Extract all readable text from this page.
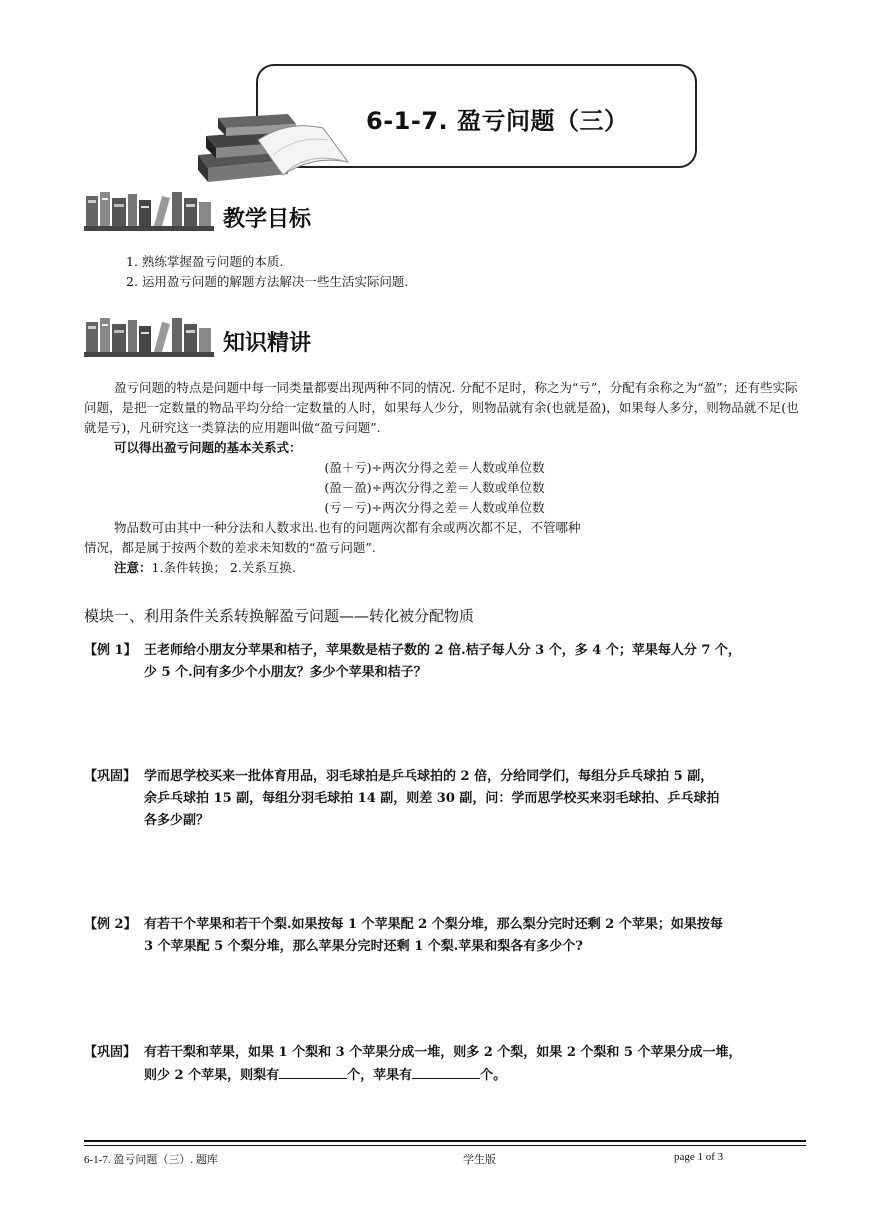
6-1-7. 盈亏问题（三）
教学目标
1. 熟练掌握盈亏问题的本质.
2. 运用盈亏问题的解题方法解决一些生活实际问题.
知识精讲
盈亏问题的特点是问题中每一同类量都要出现两种不同的情况. 分配不足时，称之为“亏”，分配有余称之为“盈”；还有些实际问题，是把一定数量的物品平均分给一定数量的人时，如果每人少分，则物品就有余(也就是盈)，如果每人多分，则物品就不足(也就是亏)，凡研究这一类算法的应用题叫做“盈亏问题”.
可以得出盈亏问题的基本关系式：
(盈＋亏)÷两次分得之差＝人数或单位数
(盈－盈)÷两次分得之差＝人数或单位数
(亏－亏)÷两次分得之差＝人数或单位数
物品数可由其中一种分法和人数求出.也有的问题两次都有余或两次都不足，不管哪种
情况，都是属于按两个数的差求未知数的“盈亏问题”.
注意：1.条件转换； 2.关系互换.
模块一、利用条件关系转换解盈亏问题——转化被分配物质
【例 1】 王老师给小朋友分苹果和桔子，苹果数是桔子数的 2 倍.桔子每人分 3 个，多 4 个；苹果每人分 7 个，
少 5 个.问有多少个小朋友？多少个苹果和桔子？
【巩固】 学而思学校买来一批体育用品，羽毛球拍是乒乓球拍的 2 倍，分给同学们，每组分乒乓球拍 5 副，
余乒乓球拍 15 副，每组分羽毛球拍 14 副，则差 30 副，问：学而思学校买来羽毛球拍、乒乓球拍
各多少副？
【例 2】 有若干个苹果和若干个梨.如果按每 1 个苹果配 2 个梨分堆，那么梨分完时还剩 2 个苹果；如果按每
3 个苹果配 5 个梨分堆，那么苹果分完时还剩 1 个梨.苹果和梨各有多少个?
【巩固】 有若干梨和苹果，如果 1 个梨和 3 个苹果分成一堆，则多 2 个梨，如果 2 个梨和 5 个苹果分成一堆，
则少 2 个苹果，则梨有	个，苹果有	个。
6-1-7. 盈亏问题（三）. 题库	学生版	page 1 of 3
